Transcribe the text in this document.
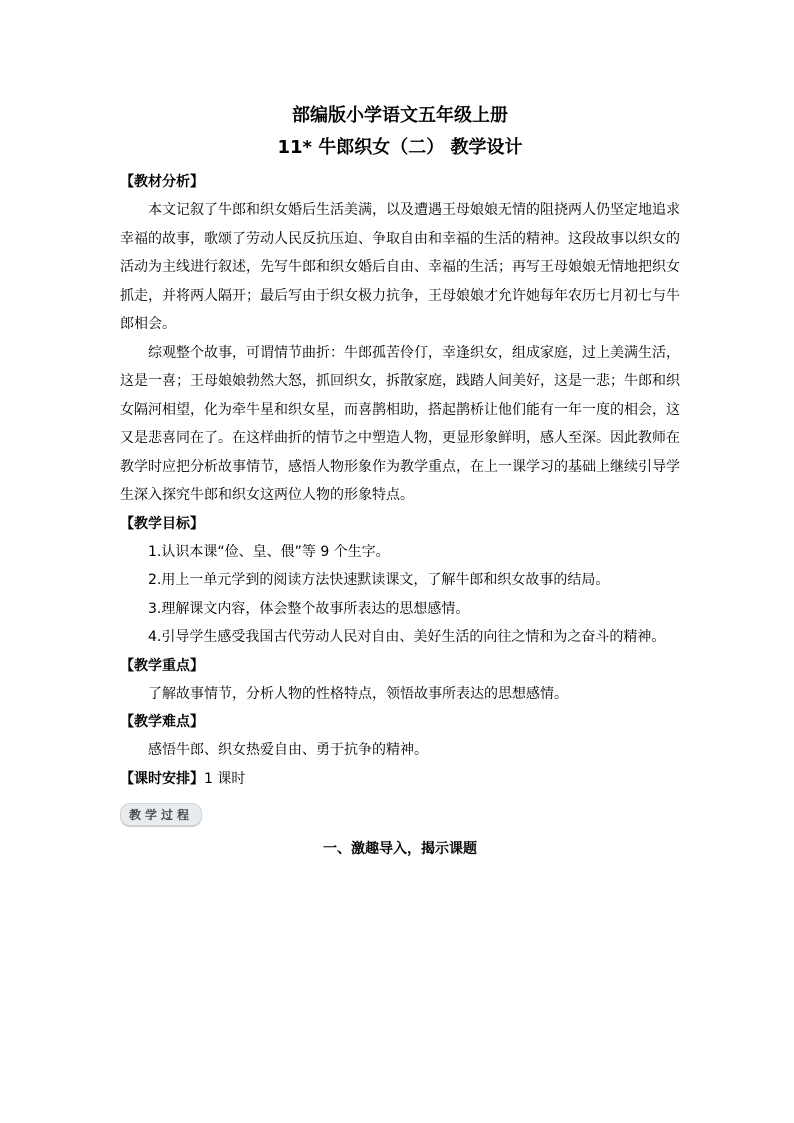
部编版小学语文五年级上册

11* 牛郎织女（二） 教学设计

【教材分析】

本文记叙了牛郎和织女婚后生活美满，以及遭遇王母娘娘无情的阻挠两人仍坚定地追求幸福的故事，歌颂了劳动人民反抗压迫、争取自由和幸福的生活的精神。这段故事以织女的活动为主线进行叙述，先写牛郎和织女婚后自由、幸福的生活；再写王母娘娘无情地把织女抓走，并将两人隔开；最后写由于织女极力抗争，王母娘娘才允许她每年农历七月初七与牛郎相会。

综观整个故事，可谓情节曲折：牛郎孤苦伶仃，幸逢织女，组成家庭，过上美满生活，这是一喜；王母娘娘勃然大怒，抓回织女，拆散家庭，践踏人间美好，这是一悲；牛郎和织女隔河相望，化为牵牛星和织女星，而喜鹊相助，搭起鹊桥让他们能有一年一度的相会，这又是悲喜同在了。在这样曲折的情节之中塑造人物，更显形象鲜明，感人至深。因此教师在教学时应把分析故事情节，感悟人物形象作为教学重点，在上一课学习的基础上继续引导学生深入探究牛郎和织女这两位人物的形象特点。

【教学目标】

1.认识本课“俭、皇、偎”等 9 个生字。

2.用上一单元学到的阅读方法快速默读课文，了解牛郎和织女故事的结局。

3.理解课文内容，体会整个故事所表达的思想感情。

4.引导学生感受我国古代劳动人民对自由、美好生活的向往之情和为之奋斗的精神。

【教学重点】

了解故事情节，分析人物的性格特点，领悟故事所表达的思想感情。

【教学难点】

感悟牛郎、织女热爱自由、勇于抗争的精神。

【课时安排】1 课时

教学过程
一、激趣导入，揭示课题
